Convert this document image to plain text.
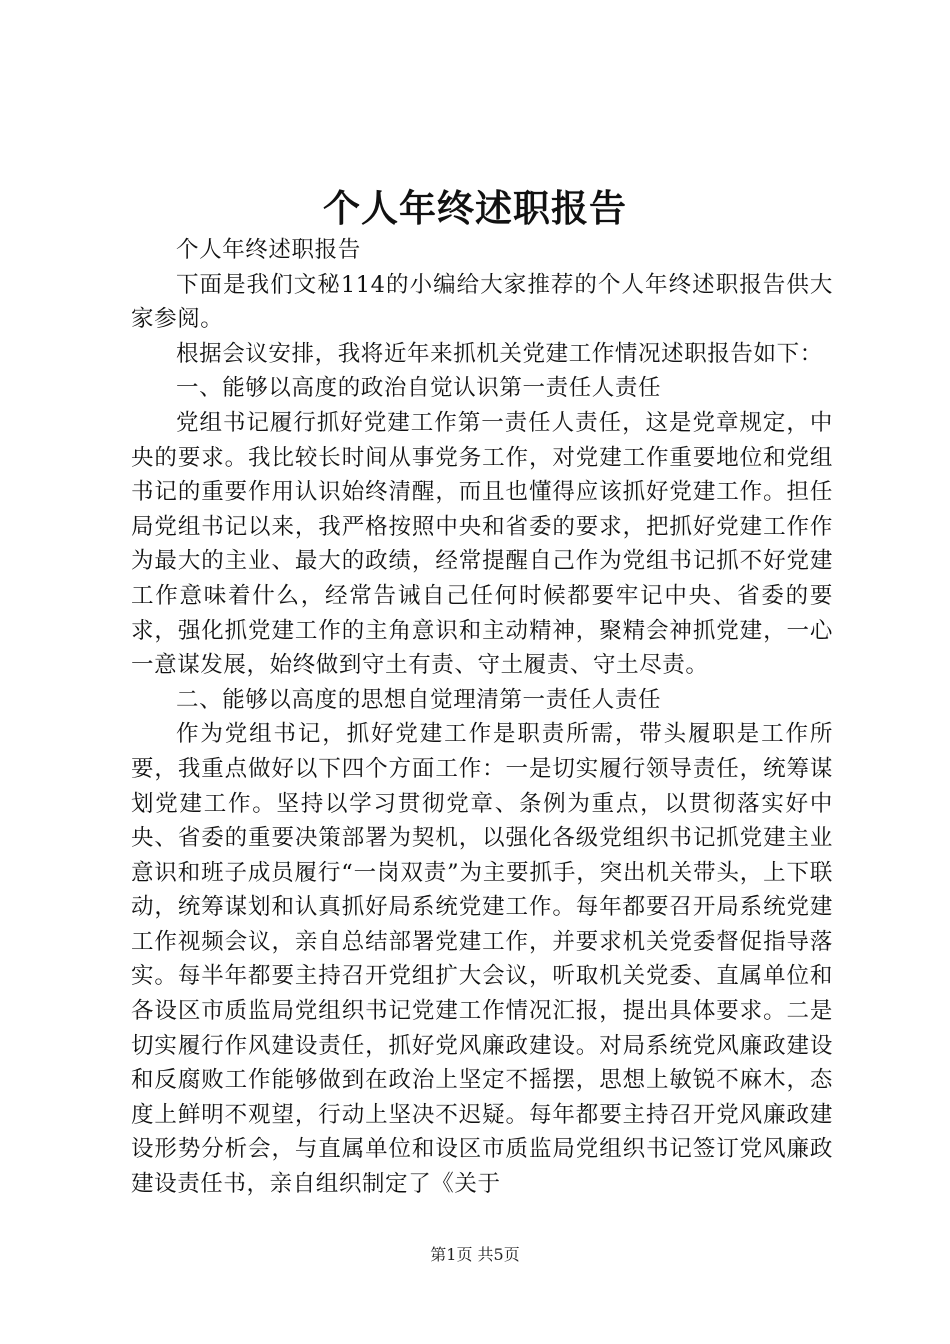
个人年终述职报告

个人年终述职报告

下面是我们文秘114的小编给大家推荐的个人年终述职报告供大家参阅。

根据会议安排，我将近年来抓机关党建工作情况述职报告如下：

一、能够以高度的政治自觉认识第一责任人责任

党组书记履行抓好党建工作第一责任人责任，这是党章规定，中央的要求。我比较长时间从事党务工作，对党建工作重要地位和党组书记的重要作用认识始终清醒，而且也懂得应该抓好党建工作。担任局党组书记以来，我严格按照中央和省委的要求，把抓好党建工作作为最大的主业、最大的政绩，经常提醒自己作为党组书记抓不好党建工作意味着什么，经常告诫自己任何时候都要牢记中央、省委的要求，强化抓党建工作的主角意识和主动精神，聚精会神抓党建，一心一意谋发展，始终做到守土有责、守土履责、守土尽责。

二、能够以高度的思想自觉理清第一责任人责任

作为党组书记，抓好党建工作是职责所需，带头履职是工作所要，我重点做好以下四个方面工作：一是切实履行领导责任，统筹谋划党建工作。坚持以学习贯彻党章、条例为重点，以贯彻落实好中央、省委的重要决策部署为契机，以强化各级党组织书记抓党建主业意识和班子成员履行“一岗双责”为主要抓手，突出机关带头，上下联动，统筹谋划和认真抓好局系统党建工作。每年都要召开局系统党建工作视频会议，亲自总结部署党建工作，并要求机关党委督促指导落实。每半年都要主持召开党组扩大会议，听取机关党委、直属单位和各设区市质监局党组织书记党建工作情况汇报，提出具体要求。二是切实履行作风建设责任，抓好党风廉政建设。对局系统党风廉政建设和反腐败工作能够做到在政治上坚定不摇摆，思想上敏锐不麻木，态度上鲜明不观望，行动上坚决不迟疑。每年都要主持召开党风廉政建设形势分析会，与直属单位和设区市质监局党组织书记签订党风廉政建设责任书，亲自组织制定了《关于

第1页 共5页
